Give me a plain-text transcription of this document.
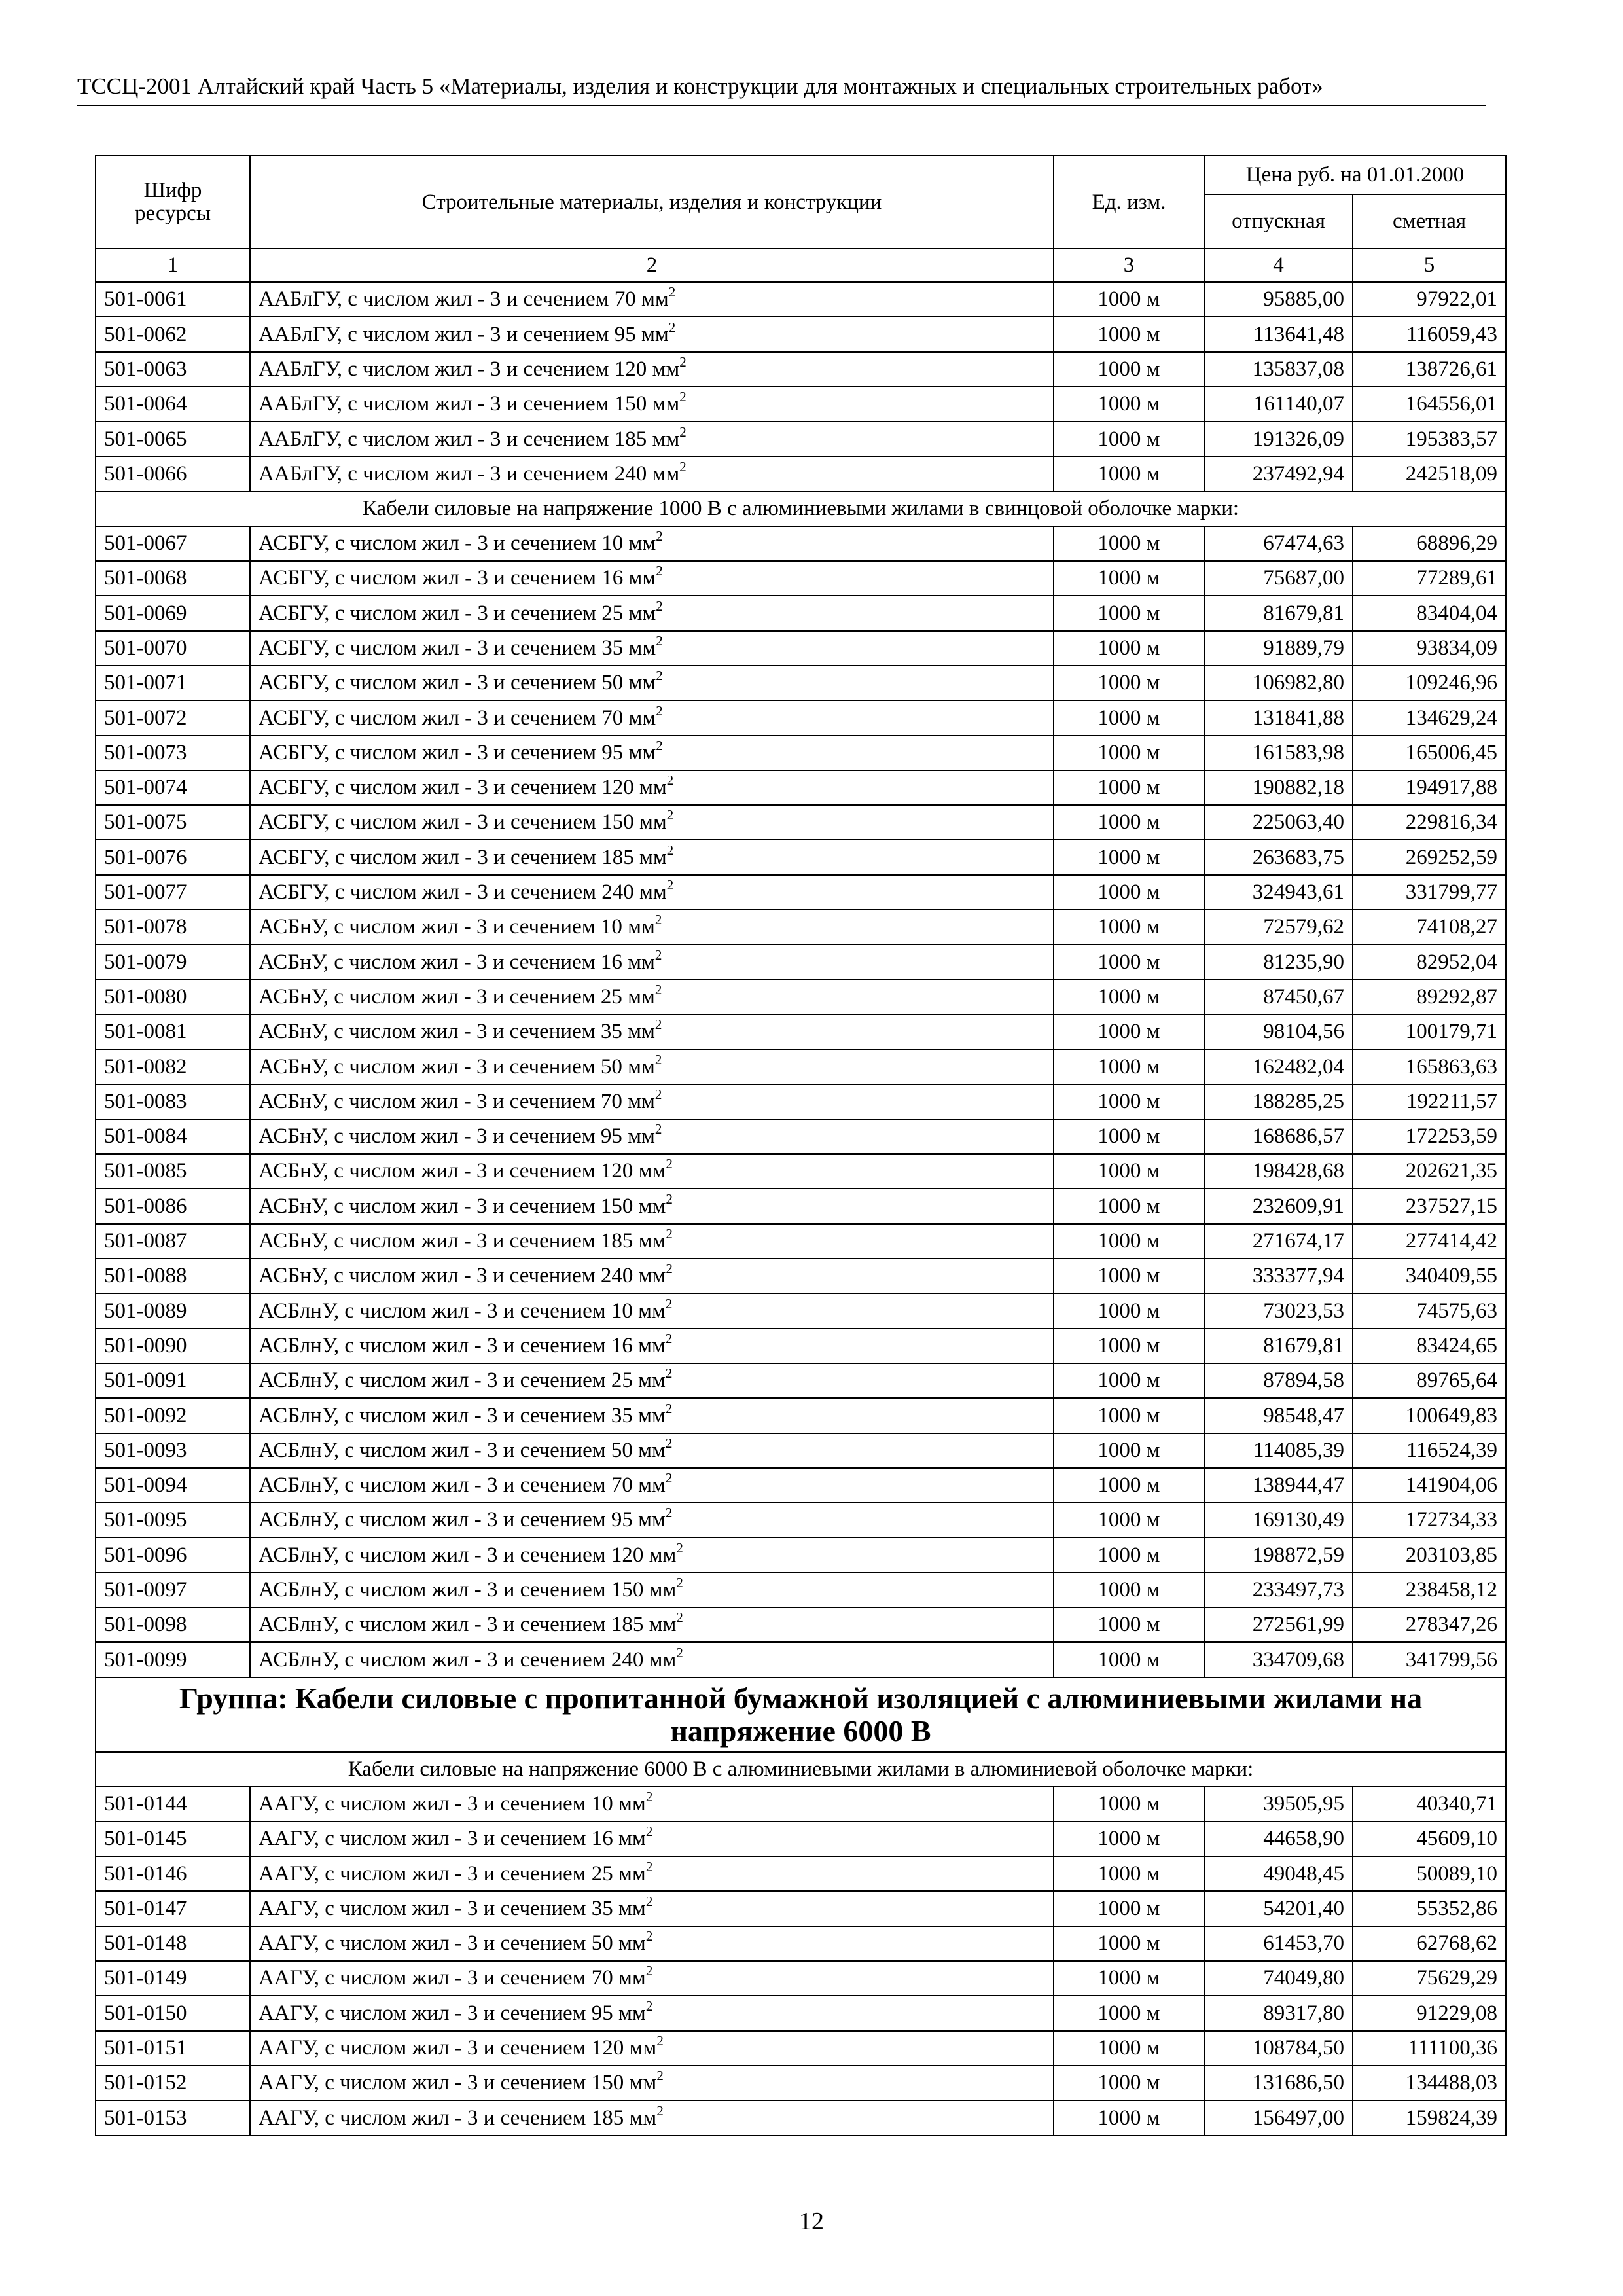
ТССЦ-2001 Алтайский край Часть 5 «Материалы, изделия и конструкции для монтажных и специальных строительных работ»
Шифр ресурсы	Строительные материалы, изделия и конструкции	Ед. изм.	Цена руб. на 01.01.2000	
			отпускная	сметная
1	2	3	4	5
501-0061	ААБлГУ, с числом жил - 3 и сечением 70 $мм^2$	1000 м	95885,00	97922,01
501-0062	ААБлГУ, с числом жил - 3 и сечением 95 $мм^2$	1000 м	113641,48	116059,43
501-0063	ААБлГУ, с числом жил - 3 и сечением 120 $мм^2$	1000 м	135837,08	138726,61
501-0064	ААБлГУ, с числом жил - 3 и сечением 150 $мм^2$	1000 м	161140,07	164556,01
501-0065	ААБлГУ, с числом жил - 3 и сечением 185 $мм^2$	1000 м	191326,09	195383,57
501-0066	ААБлГУ, с числом жил - 3 и сечением 240 $мм^2$	1000 м	237492,94	242518,09
Кабели силовые на напряжение 1000 В с алюминиевыми жилами в свинцовой оболочке марки:				
501-0067	АСБГУ, с числом жил - 3 и сечением 10 $мм^2$	1000 м	67474,63	68896,29
501-0068	АСБГУ, с числом жил - 3 и сечением 16 $мм^2$	1000 м	75687,00	77289,61
501-0069	АСБГУ, с числом жил - 3 и сечением 25 $мм^2$	1000 м	81679,81	83404,04
501-0070	АСБГУ, с числом жил - 3 и сечением 35 $мм^2$	1000 м	91889,79	93834,09
501-0071	АСБГУ, с числом жил - 3 и сечением 50 $мм^2$	1000 м	106982,80	109246,96
501-0072	АСБГУ, с числом жил - 3 и сечением 70 $мм^2$	1000 м	131841,88	134629,24
501-0073	АСБГУ, с числом жил - 3 и сечением 95 $мм^2$	1000 м	161583,98	165006,45
501-0074	АСБГУ, с числом жил - 3 и сечением 120 $мм^2$	1000 м	190882,18	194917,88
501-0075	АСБГУ, с числом жил - 3 и сечением 150 $мм^2$	1000 м	225063,40	229816,34
501-0076	АСБГУ, с числом жил - 3 и сечением 185 $мм^2$	1000 м	263683,75	269252,59
501-0077	АСБГУ, с числом жил - 3 и сечением 240 $мм^2$	1000 м	324943,61	331799,77
501-0078	АСБнУ, с числом жил - 3 и сечением 10 $мм^2$	1000 м	72579,62	74108,27
501-0079	АСБнУ, с числом жил - 3 и сечением 16 $мм^2$	1000 м	81235,90	82952,04
501-0080	АСБнУ, с числом жил - 3 и сечением 25 $мм^2$	1000 м	87450,67	89292,87
501-0081	АСБнУ, с числом жил - 3 и сечением 35 $мм^2$	1000 м	98104,56	100179,71
501-0082	АСБнУ, с числом жил - 3 и сечением 50 $мм^2$	1000 м	162482,04	165863,63
501-0083	АСБнУ, с числом жил - 3 и сечением 70 $мм^2$	1000 м	188285,25	192211,57
501-0084	АСБнУ, с числом жил - 3 и сечением 95 $мм^2$	1000 м	168686,57	172253,59
501-0085	АСБнУ, с числом жил - 3 и сечением 120 $мм^2$	1000 м	198428,68	202621,35
501-0086	АСБнУ, с числом жил - 3 и сечением 150 $мм^2$	1000 м	232609,91	237527,15
501-0087	АСБнУ, с числом жил - 3 и сечением 185 $мм^2$	1000 м	271674,17	277414,42
501-0088	АСБнУ, с числом жил - 3 и сечением 240 $мм^2$	1000 м	333377,94	340409,55
501-0089	АСБлнУ, с числом жил - 3 и сечением 10 $мм^2$	1000 м	73023,53	74575,63
501-0090	АСБлнУ, с числом жил - 3 и сечением 16 $мм^2$	1000 м	81679,81	83424,65
501-0091	АСБлнУ, с числом жил - 3 и сечением 25 $мм^2$	1000 м	87894,58	89765,64
501-0092	АСБлнУ, с числом жил - 3 и сечением 35 $мм^2$	1000 м	98548,47	100649,83
501-0093	АСБлнУ, с числом жил - 3 и сечением 50 $мм^2$	1000 м	114085,39	116524,39
501-0094	АСБлнУ, с числом жил - 3 и сечением 70 $мм^2$	1000 м	138944,47	141904,06
501-0095	АСБлнУ, с числом жил - 3 и сечением 95 $мм^2$	1000 м	169130,49	172734,33
501-0096	АСБлнУ, с числом жил - 3 и сечением 120 $мм^2$	1000 м	198872,59	203103,85
501-0097	АСБлнУ, с числом жил - 3 и сечением 150 $мм^2$	1000 м	233497,73	238458,12
501-0098	АСБлнУ, с числом жил - 3 и сечением 185 $мм^2$	1000 м	272561,99	278347,26
501-0099	АСБлнУ, с числом жил - 3 и сечением 240 $мм^2$	1000 м	334709,68	341799,56
Группа: Кабели силовые с пропитанной бумажной изоляцией с алюминиевыми жилами на напряжение 6000 В				
Кабели силовые на напряжение 6000 В с алюминиевыми жилами в алюминиевой оболочке марки:				
501-0144	ААГУ, с числом жил - 3 и сечением 10 $мм^2$	1000 м	39505,95	40340,71
501-0145	ААГУ, с числом жил - 3 и сечением 16 $мм^2$	1000 м	44658,90	45609,10
501-0146	ААГУ, с числом жил - 3 и сечением 25 $мм^2$	1000 м	49048,45	50089,10
501-0147	ААГУ, с числом жил - 3 и сечением 35 $мм^2$	1000 м	54201,40	55352,86
501-0148	ААГУ, с числом жил - 3 и сечением 50 $мм^2$	1000 м	61453,70	62768,62
501-0149	ААГУ, с числом жил - 3 и сечением 70 $мм^2$	1000 м	74049,80	75629,29
501-0150	ААГУ, с числом жил - 3 и сечением 95 $мм^2$	1000 м	89317,80	91229,08
501-0151	ААГУ, с числом жил - 3 и сечением 120 $мм^2$	1000 м	108784,50	111100,36
501-0152	ААГУ, с числом жил - 3 и сечением 150 $мм^2$	1000 м	131686,50	134488,03
501-0153	ААГУ, с числом жил - 3 и сечением 185 $мм^2$	1000 м	156497,00	159824,39
12
